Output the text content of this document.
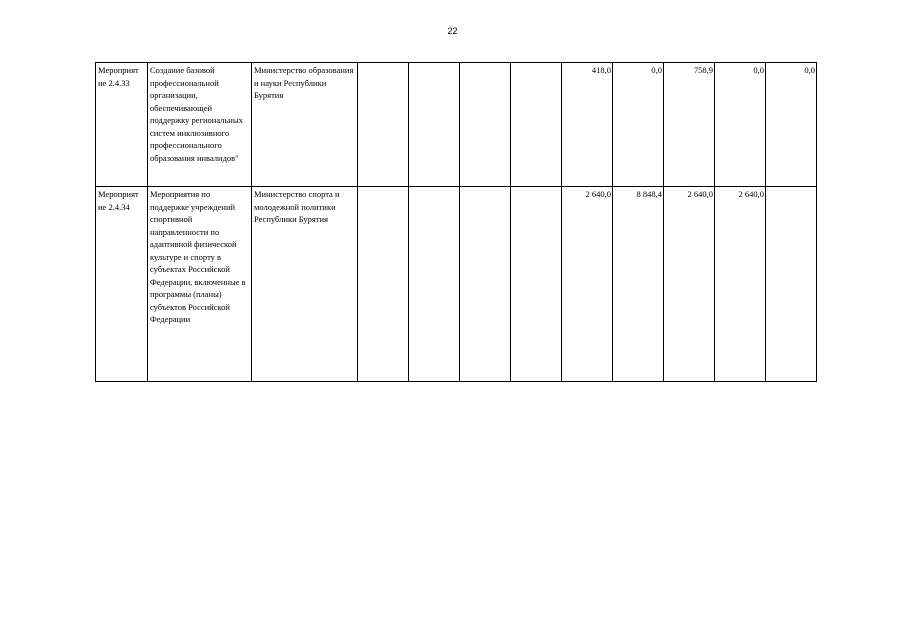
22
Мероприят ие 2.4.33	Создание базовой профессиональной организации, обеспечивающей поддержку региональных систем инклюзивного профессионального образования инвалидов"	Министерство образования и науки Республики Бурятия					418,0	0,0	758,9	0,0	0,0
Мероприят ие 2.4.34	Мероприятия по поддержке учреждений спортивной направленности по адаптивной физической культуре и спорту в субъектах Российской Федерации, включенные в программы (планы) субъектов Российской Федерации	Министерство спорта и молодежной политики Республики Бурятия					2 640,0	8 848,4	2 640,0	2 640,0	
